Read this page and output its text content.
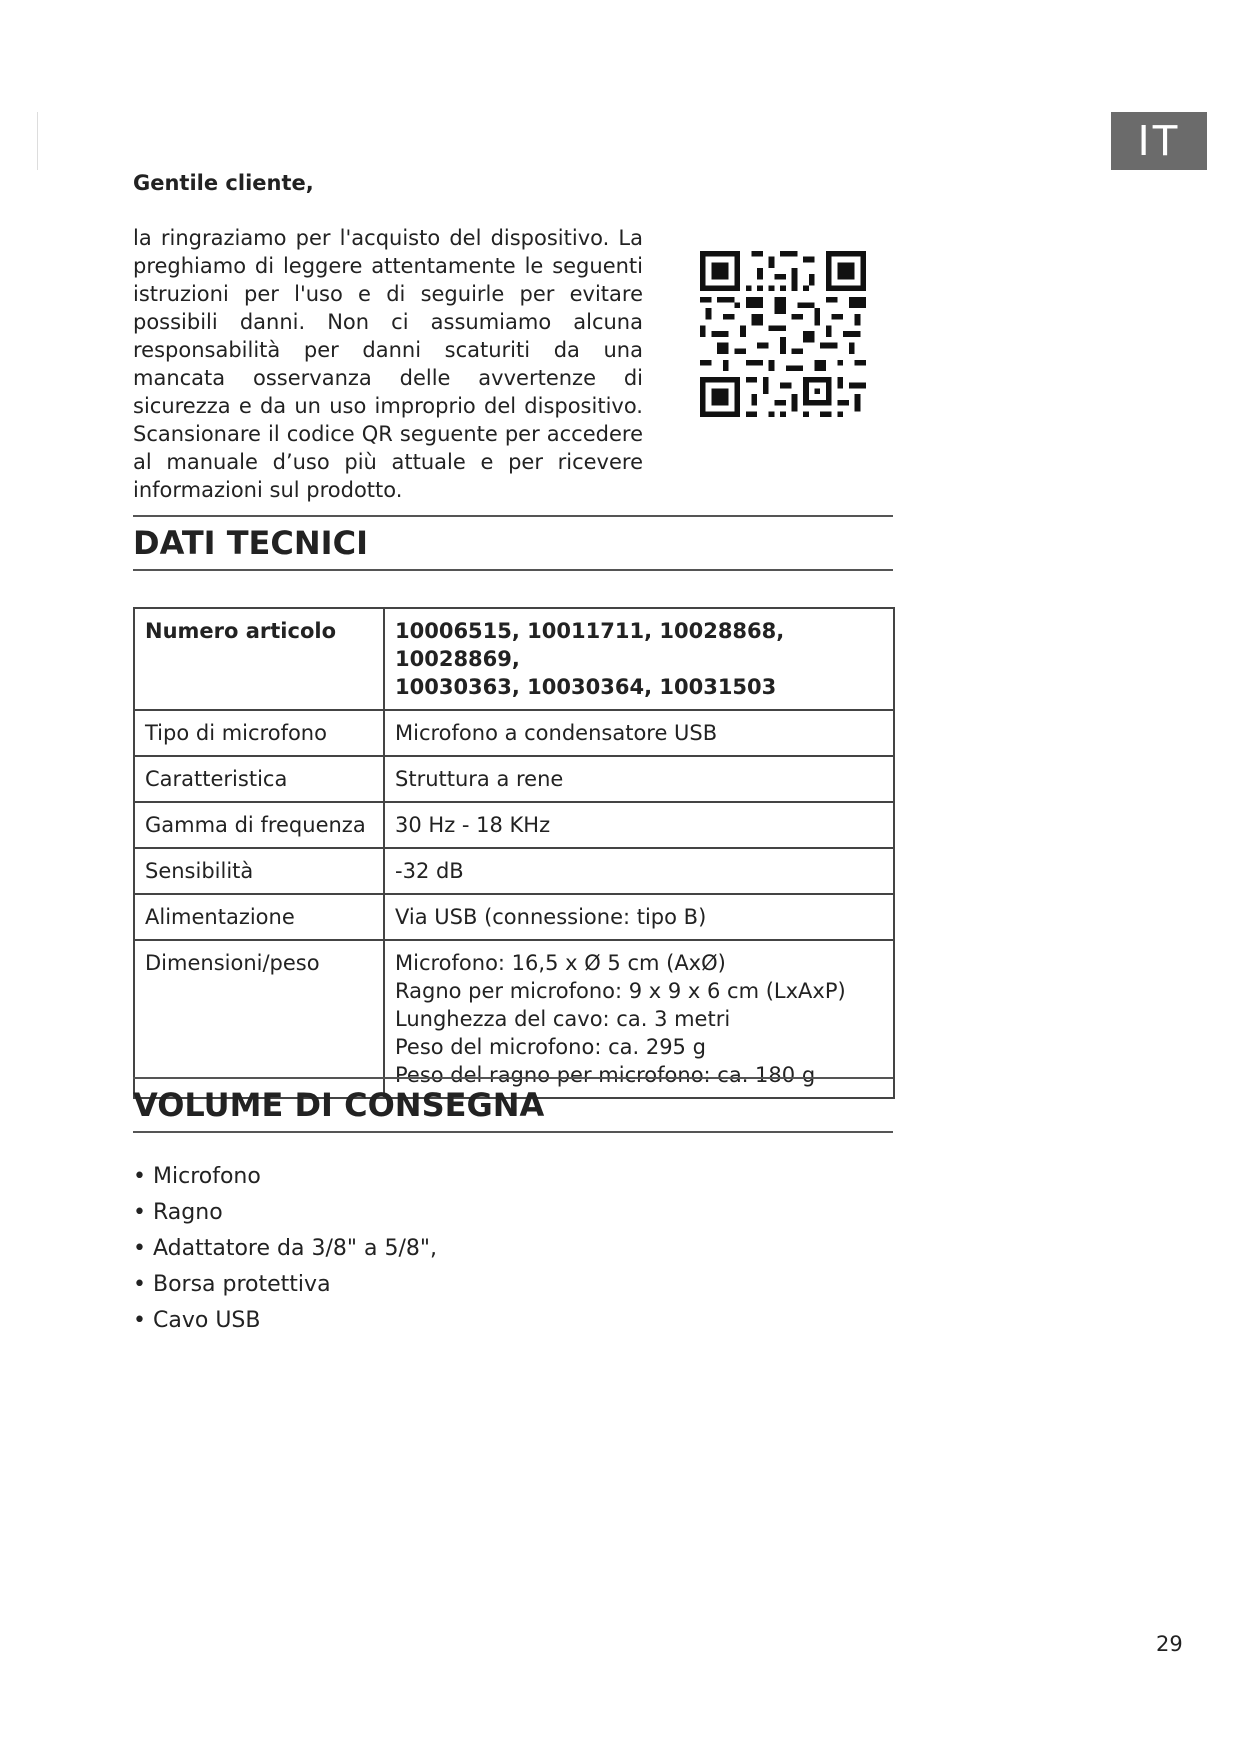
IT

Gentile cliente,

la ringraziamo per l'acquisto del dispositivo. La preghiamo di leggere attentamente le seguenti istruzioni per l'uso e di seguirle per evitare possibili danni. Non ci assumiamo alcuna responsabilità per danni scaturiti da una mancata osservanza delle avvertenze di sicurezza e da un uso improprio del dispositivo. Scansionare il codice QR seguente per accedere al manuale d’uso più attuale e per ricevere informazioni sul prodotto.

DATI TECNICI
Numero articolo	10006515, 10011711, 10028868, 10028869,
10030363, 10030364, 10031503

Tipo di microfono	Microfono a condensatore USB

Caratteristica	Struttura a rene

Gamma di frequenza	30 Hz - 18 KHz

Sensibilità	-32 dB

Alimentazione	Via USB (connessione: tipo B)

Dimensioni/peso	Microfono: 16,5 x Ø 5 cm (AxØ)
Ragno per microfono: 9 x 9 x 6 cm (LxAxP)
Lunghezza del cavo: ca. 3 metri
Peso del microfono: ca. 295 g
Peso del ragno per microfono: ca. 180 g
VOLUME DI CONSEGNA
• Microfono
• Ragno
• Adattatore da 3/8" a 5/8",
• Borsa protettiva
• Cavo USB
29
